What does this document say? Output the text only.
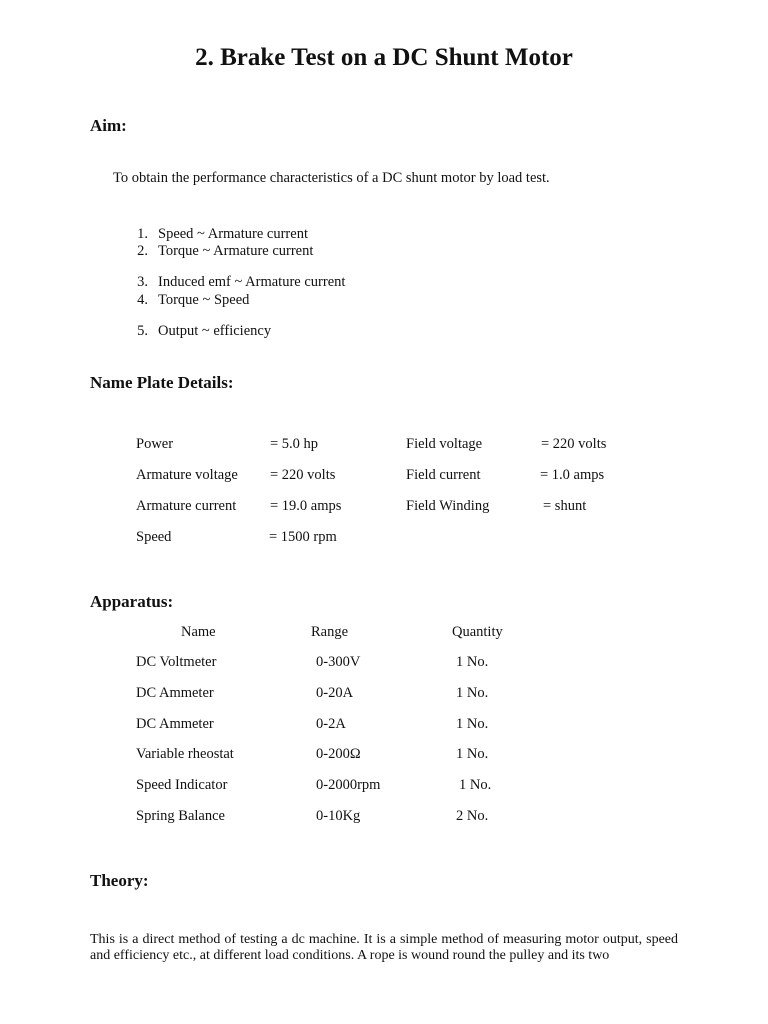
2. Brake Test on a DC Shunt Motor
Aim:
To obtain the performance characteristics of a DC shunt motor by load test.
1. Speed ~ Armature current
2. Torque ~ Armature current
3. Induced emf ~ Armature current
4. Torque ~ Speed
5. Output ~ efficiency
Name Plate Details:
Power	= 5.0 hp	Field voltage	= 220 volts
Armature voltage = 220 volts	Field current	= 1.0 amps
Armature current = 19.0 amps	Field Winding	= shunt
Speed	= 1500 rpm
Apparatus:
Name	Range	Quantity
DC Voltmeter	0-300V	1 No.
DC Ammeter	0-20A	1 No.
DC Ammeter	0-2A	1 No.
Variable rheostat	0-200Ω	1 No.
Speed Indicator	0-2000rpm	1 No.
Spring Balance	0-10Kg	2 No.
Theory:
This is a direct method of testing a dc machine. It is a simple method of measuring motor output, speed and efficiency etc., at different load conditions. A rope is wound round the pulley and its two
